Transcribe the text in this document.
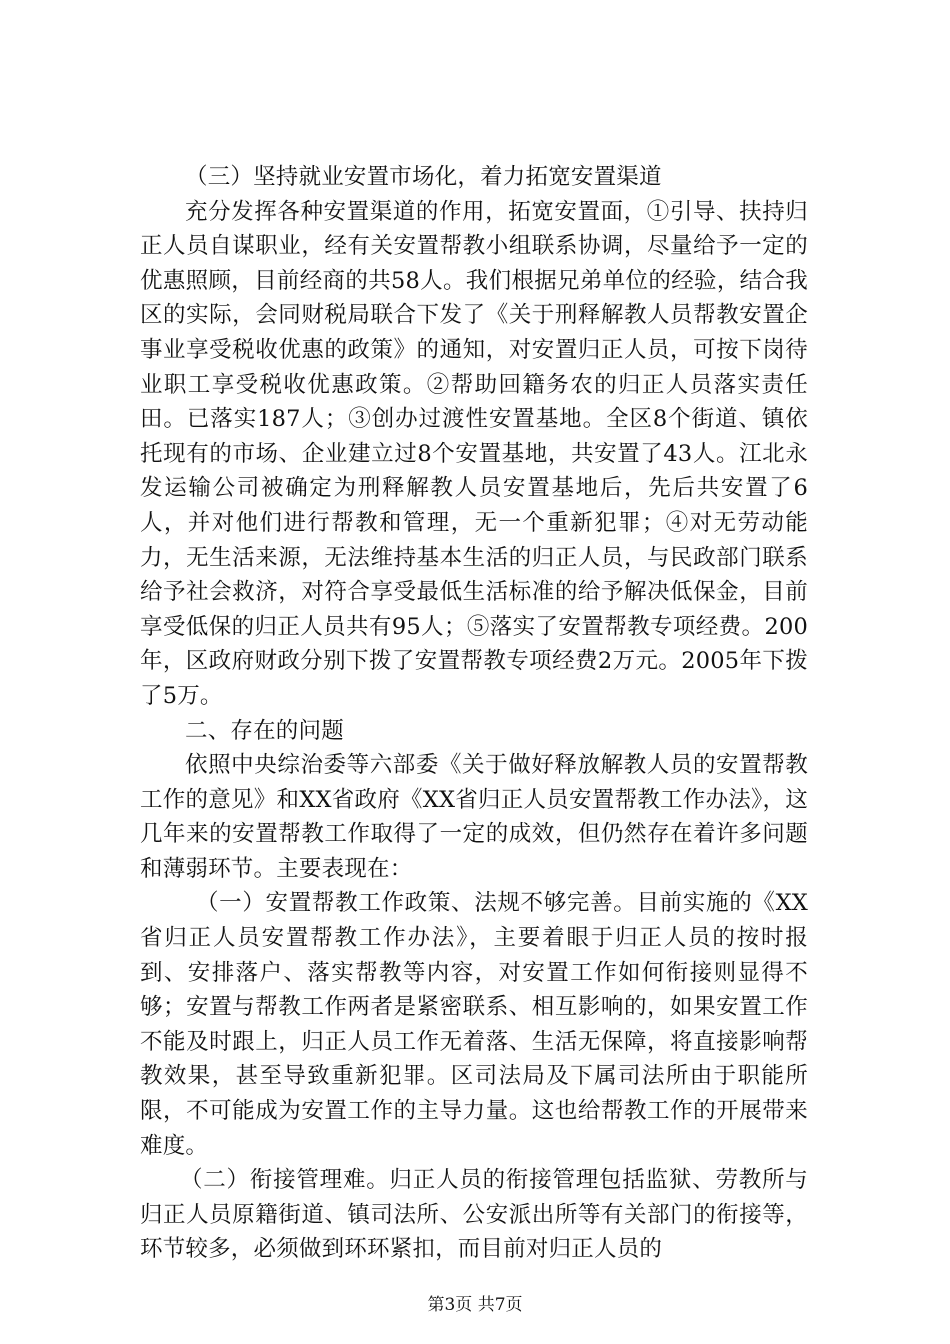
（三）坚持就业安置市场化，着力拓宽安置渠道

充分发挥各种安置渠道的作用，拓宽安置面，①引导、扶持归正人员自谋职业，经有关安置帮教小组联系协调，尽量给予一定的优惠照顾，目前经商的共58人。我们根据兄弟单位的经验，结合我区的实际，会同财税局联合下发了《关于刑释解教人员帮教安置企事业享受税收优惠的政策》的通知，对安置归正人员，可按下岗待业职工享受税收优惠政策。②帮助回籍务农的归正人员落实责任田。已落实187人；③创办过渡性安置基地。全区8个街道、镇依托现有的市场、企业建立过8个安置基地，共安置了43人。江北永发运输公司被确定为刑释解教人员安置基地后，先后共安置了6人，并对他们进行帮教和管理，无一个重新犯罪；④对无劳动能力，无生活来源，无法维持基本生活的归正人员，与民政部门联系给予社会救济，对符合享受最低生活标准的给予解决低保金，目前享受低保的归正人员共有95人；⑤落实了安置帮教专项经费。200年，区政府财政分别下拨了安置帮教专项经费2万元。2005年下拨了5万。

二、存在的问题

依照中央综治委等六部委《关于做好释放解教人员的安置帮教工作的意见》和XX省政府《XX省归正人员安置帮教工作办法》，这几年来的安置帮教工作取得了一定的成效，但仍然存在着许多问题和薄弱环节。主要表现在：

（一）安置帮教工作政策、法规不够完善。目前实施的《XX省归正人员安置帮教工作办法》，主要着眼于归正人员的按时报到、安排落户、落实帮教等内容，对安置工作如何衔接则显得不够；安置与帮教工作两者是紧密联系、相互影响的，如果安置工作不能及时跟上，归正人员工作无着落、生活无保障，将直接影响帮教效果，甚至导致重新犯罪。区司法局及下属司法所由于职能所限，不可能成为安置工作的主导力量。这也给帮教工作的开展带来难度。

（二）衔接管理难。归正人员的衔接管理包括监狱、劳教所与归正人员原籍街道、镇司法所、公安派出所等有关部门的衔接等，环节较多，必须做到环环紧扣，而目前对归正人员的

第3页 共7页
